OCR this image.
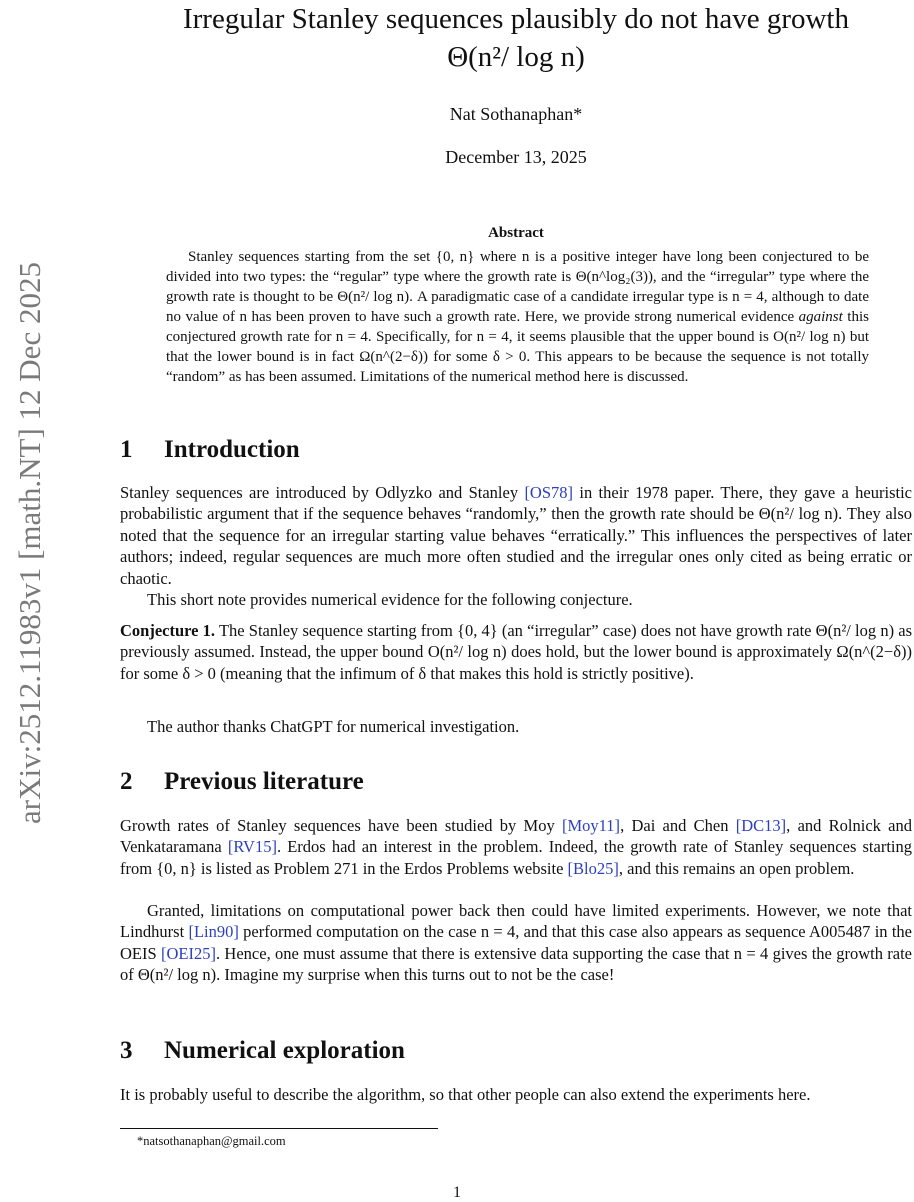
arXiv:2512.11983v1 [math.NT] 12 Dec 2025
Irregular Stanley sequences plausibly do not have growth
Θ(n²/ log n)
Nat Sothanaphan*
December 13, 2025
Abstract
Stanley sequences starting from the set {0, n} where n is a positive integer have long been conjectured to be divided into two types: the “regular” type where the growth rate is Θ(n^log₂(3)), and the “irregular” type where the growth rate is thought to be Θ(n²/ log n). A paradigmatic case of a candidate irregular type is n = 4, although to date no value of n has been proven to have such a growth rate. Here, we provide strong numerical evidence against this conjectured growth rate for n = 4. Specifically, for n = 4, it seems plausible that the upper bound is O(n²/ log n) but that the lower bound is in fact Ω(n^(2−δ)) for some δ > 0. This appears to be because the sequence is not totally “random” as has been assumed. Limitations of the numerical method here is discussed.
1 Introduction
Stanley sequences are introduced by Odlyzko and Stanley [OS78] in their 1978 paper. There, they gave a heuristic probabilistic argument that if the sequence behaves “randomly,” then the growth rate should be Θ(n²/ log n). They also noted that the sequence for an irregular starting value behaves “erratically.” This influences the perspectives of later authors; indeed, regular sequences are much more often studied and the irregular ones only cited as being erratic or chaotic.
This short note provides numerical evidence for the following conjecture.
Conjecture 1. The Stanley sequence starting from {0, 4} (an “irregular” case) does not have growth rate Θ(n²/ log n) as previously assumed. Instead, the upper bound O(n²/ log n) does hold, but the lower bound is approximately Ω(n^(2−δ)) for some δ > 0 (meaning that the infimum of δ that makes this hold is strictly positive).
The author thanks ChatGPT for numerical investigation.
2 Previous literature
Growth rates of Stanley sequences have been studied by Moy [Moy11], Dai and Chen [DC13], and Rolnick and Venkataramana [RV15]. Erdos had an interest in the problem. Indeed, the growth rate of Stanley sequences starting from {0, n} is listed as Problem 271 in the Erdos Problems website [Blo25], and this remains an open problem.
Granted, limitations on computational power back then could have limited experiments. However, we note that Lindhurst [Lin90] performed computation on the case n = 4, and that this case also appears as sequence A005487 in the OEIS [OEI25]. Hence, one must assume that there is extensive data supporting the case that n = 4 gives the growth rate of Θ(n²/ log n). Imagine my surprise when this turns out to not be the case!
3 Numerical exploration
It is probably useful to describe the algorithm, so that other people can also extend the experiments here.
*natsothanaphan@gmail.com
1
